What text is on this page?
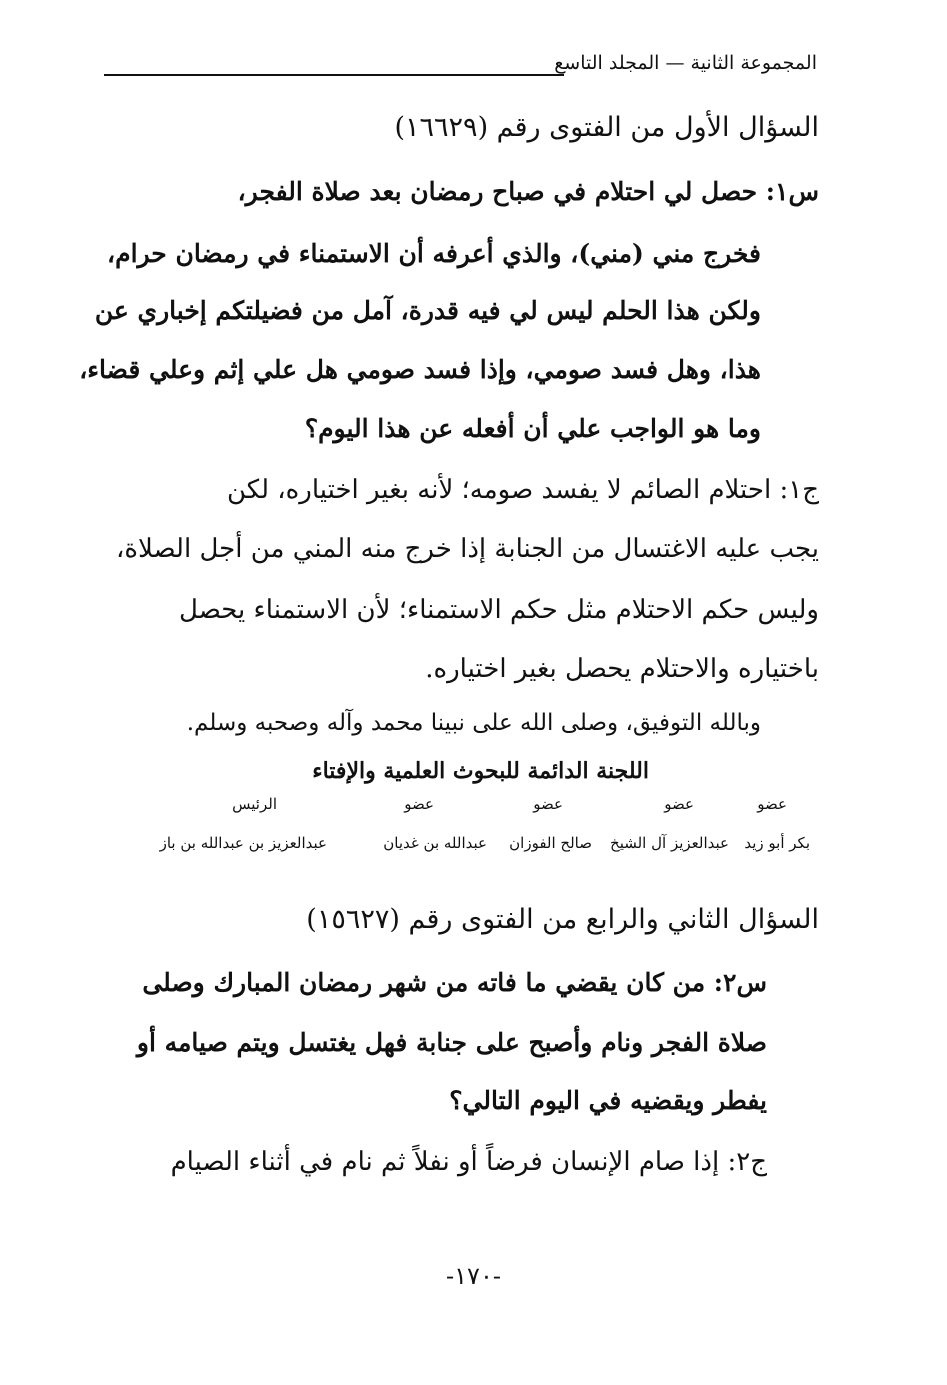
المجموعة الثانية — المجلد التاسع
السؤال الأول من الفتوى رقم (١٦٦٢٩)
س١: حصل لي احتلام في صباح رمضان بعد صلاة الفجر،
فخرج مني (مني)، والذي أعرفه أن الاستمناء في رمضان حرام،
ولكن هذا الحلم ليس لي فيه قدرة، آمل من فضيلتكم إخباري عن
هذا، وهل فسد صومي، وإذا فسد صومي هل علي إثم وعلي قضاء،
وما هو الواجب علي أن أفعله عن هذا اليوم؟
ج١: احتلام الصائم لا يفسد صومه؛ لأنه بغير اختياره، لكن
يجب عليه الاغتسال من الجنابة إذا خرج منه المني من أجل الصلاة،
وليس حكم الاحتلام مثل حكم الاستمناء؛ لأن الاستمناء يحصل
باختياره والاحتلام يحصل بغير اختياره.
وبالله التوفيق، وصلى الله على نبينا محمد وآله وصحبه وسلم.
اللجنة الدائمة للبحوث العلمية والإفتاء
عضو
عضو
عضو
عضو
الرئيس
بكر أبو زيد
عبدالعزيز آل الشيخ
صالح الفوزان
عبدالله بن غديان
عبدالعزيز بن عبدالله بن باز
السؤال الثاني والرابع من الفتوى رقم (١٥٦٢٧)
س٢: من كان يقضي ما فاته من شهر رمضان المبارك وصلى
صلاة الفجر ونام وأصبح على جنابة فهل يغتسل ويتم صيامه أو
يفطر ويقضيه في اليوم التالي؟
ج٢: إذا صام الإنسان فرضاً أو نفلاً ثم نام في أثناء الصيام
-١٧٠-
